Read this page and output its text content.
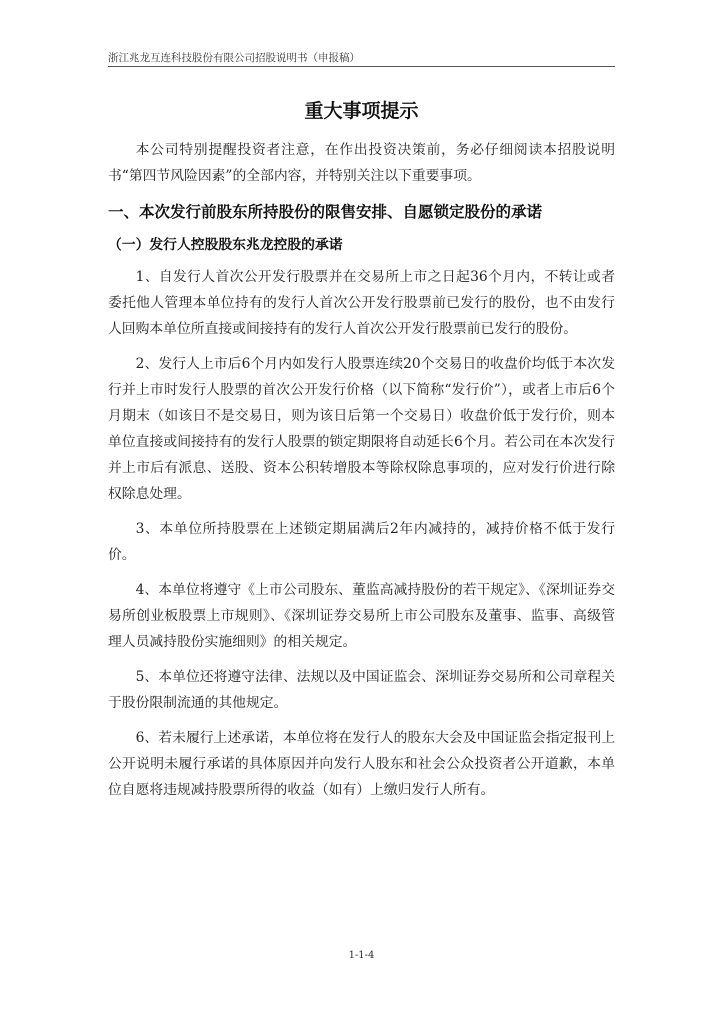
浙江兆龙互连科技股份有限公司招股说明书（申报稿）
重大事项提示

本公司特别提醒投资者注意，在作出投资决策前，务必仔细阅读本招股说明书“第四节风险因素”的全部内容，并特别关注以下重要事项。

一、本次发行前股东所持股份的限售安排、自愿锁定股份的承诺
（一）发行人控股股东兆龙控股的承诺

1、自发行人首次公开发行股票并在交易所上市之日起36个月内，不转让或者委托他人管理本单位持有的发行人首次公开发行股票前已发行的股份，也不由发行人回购本单位所直接或间接持有的发行人首次公开发行股票前已发行的股份。

2、发行人上市后6个月内如发行人股票连续20个交易日的收盘价均低于本次发行并上市时发行人股票的首次公开发行价格（以下简称“发行价”），或者上市后6个月期末（如该日不是交易日，则为该日后第一个交易日）收盘价低于发行价，则本单位直接或间接持有的发行人股票的锁定期限将自动延长6个月。若公司在本次发行并上市后有派息、送股、资本公积转增股本等除权除息事项的，应对发行价进行除权除息处理。

3、本单位所持股票在上述锁定期届满后2年内减持的，减持价格不低于发行价。

4、本单位将遵守《上市公司股东、董监高减持股份的若干规定》、《深圳证券交易所创业板股票上市规则》、《深圳证券交易所上市公司股东及董事、监事、高级管理人员减持股份实施细则》的相关规定。

5、本单位还将遵守法律、法规以及中国证监会、深圳证券交易所和公司章程关于股份限制流通的其他规定。

6、若未履行上述承诺，本单位将在发行人的股东大会及中国证监会指定报刊上公开说明未履行承诺的具体原因并向发行人股东和社会公众投资者公开道歉，本单位自愿将违规减持股票所得的收益（如有）上缴归发行人所有。

1-1-4
